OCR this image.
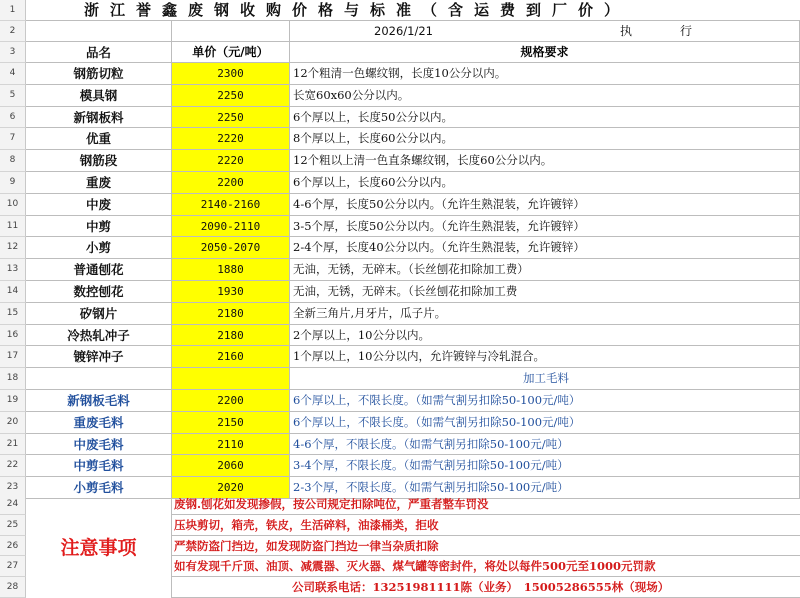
浙江誉鑫废钢收购价格与标准（含运费到厂价）
2026/1/21	执　　　　行
品名	单价（元/吨）	规格要求
钢筋切粒	2300	12个粗清一色螺纹钢，长度10公分以内。
模具钢	2250	长宽60x60公分以内。
新钢板料	2250	6个厚以上，长度50公分以内。
优重	2220	8个厚以上，长度60公分以内。
钢筋段	2220	12个粗以上清一色直条螺纹钢，长度60公分以内。
重废	2200	6个厚以上，长度60公分以内。
中废	2140-2160	4-6个厚，长度50公分以内。（允许生熟混装，允许镀锌）
中剪	2090-2110	3-5个厚，长度50公分以内。（允许生熟混装，允许镀锌）
小剪	2050-2070	2-4个厚，长度40公分以内。（允许生熟混装，允许镀锌）
普通刨花	1880	无油，无锈，无碎末。（长丝刨花扣除加工费）
数控刨花	1930	无油，无锈，无碎末。（长丝刨花扣除加工费
矽钢片	2180	全新三角片,月牙片，瓜子片。
冷热轧冲子	2180	2个厚以上，10公分以内。
镀锌冲子	2160	1个厚以上，10公分以内，允许镀锌与冷轧混合。
加工毛料
新钢板毛料	2200	6个厚以上，不限长度。（如需气割另扣除50-100元/吨）
重废毛料	2150	6个厚以上，不限长度。（如需气割另扣除50-100元/吨）
中废毛料	2110	4-6个厚，不限长度。（如需气割另扣除50-100元/吨）
中剪毛料	2060	3-4个厚，不限长度。（如需气割另扣除50-100元/吨）
小剪毛料	2020	2-3个厚，不限长度。（如需气割另扣除50-100元/吨）
注意事项
废钢.刨花如发现掺假，按公司规定扣除吨位，严重者整车罚没
压块剪切，箱壳，铁皮，生活碎料，油漆桶类，拒收
严禁防盗门挡边，如发现防盗门挡边一律当杂质扣除
如有发现千斤顶、油顶、减震器、灭火器、煤气罐等密封件，将处以每件500元至1000元罚款
公司联系电话：13251981111陈（业务）　15005286555林（现场）
1
2
3
4
5
6
7
8
9
10
11
12
13
14
15
16
17
18
19
20
21
22
23
24
25
26
27
28
